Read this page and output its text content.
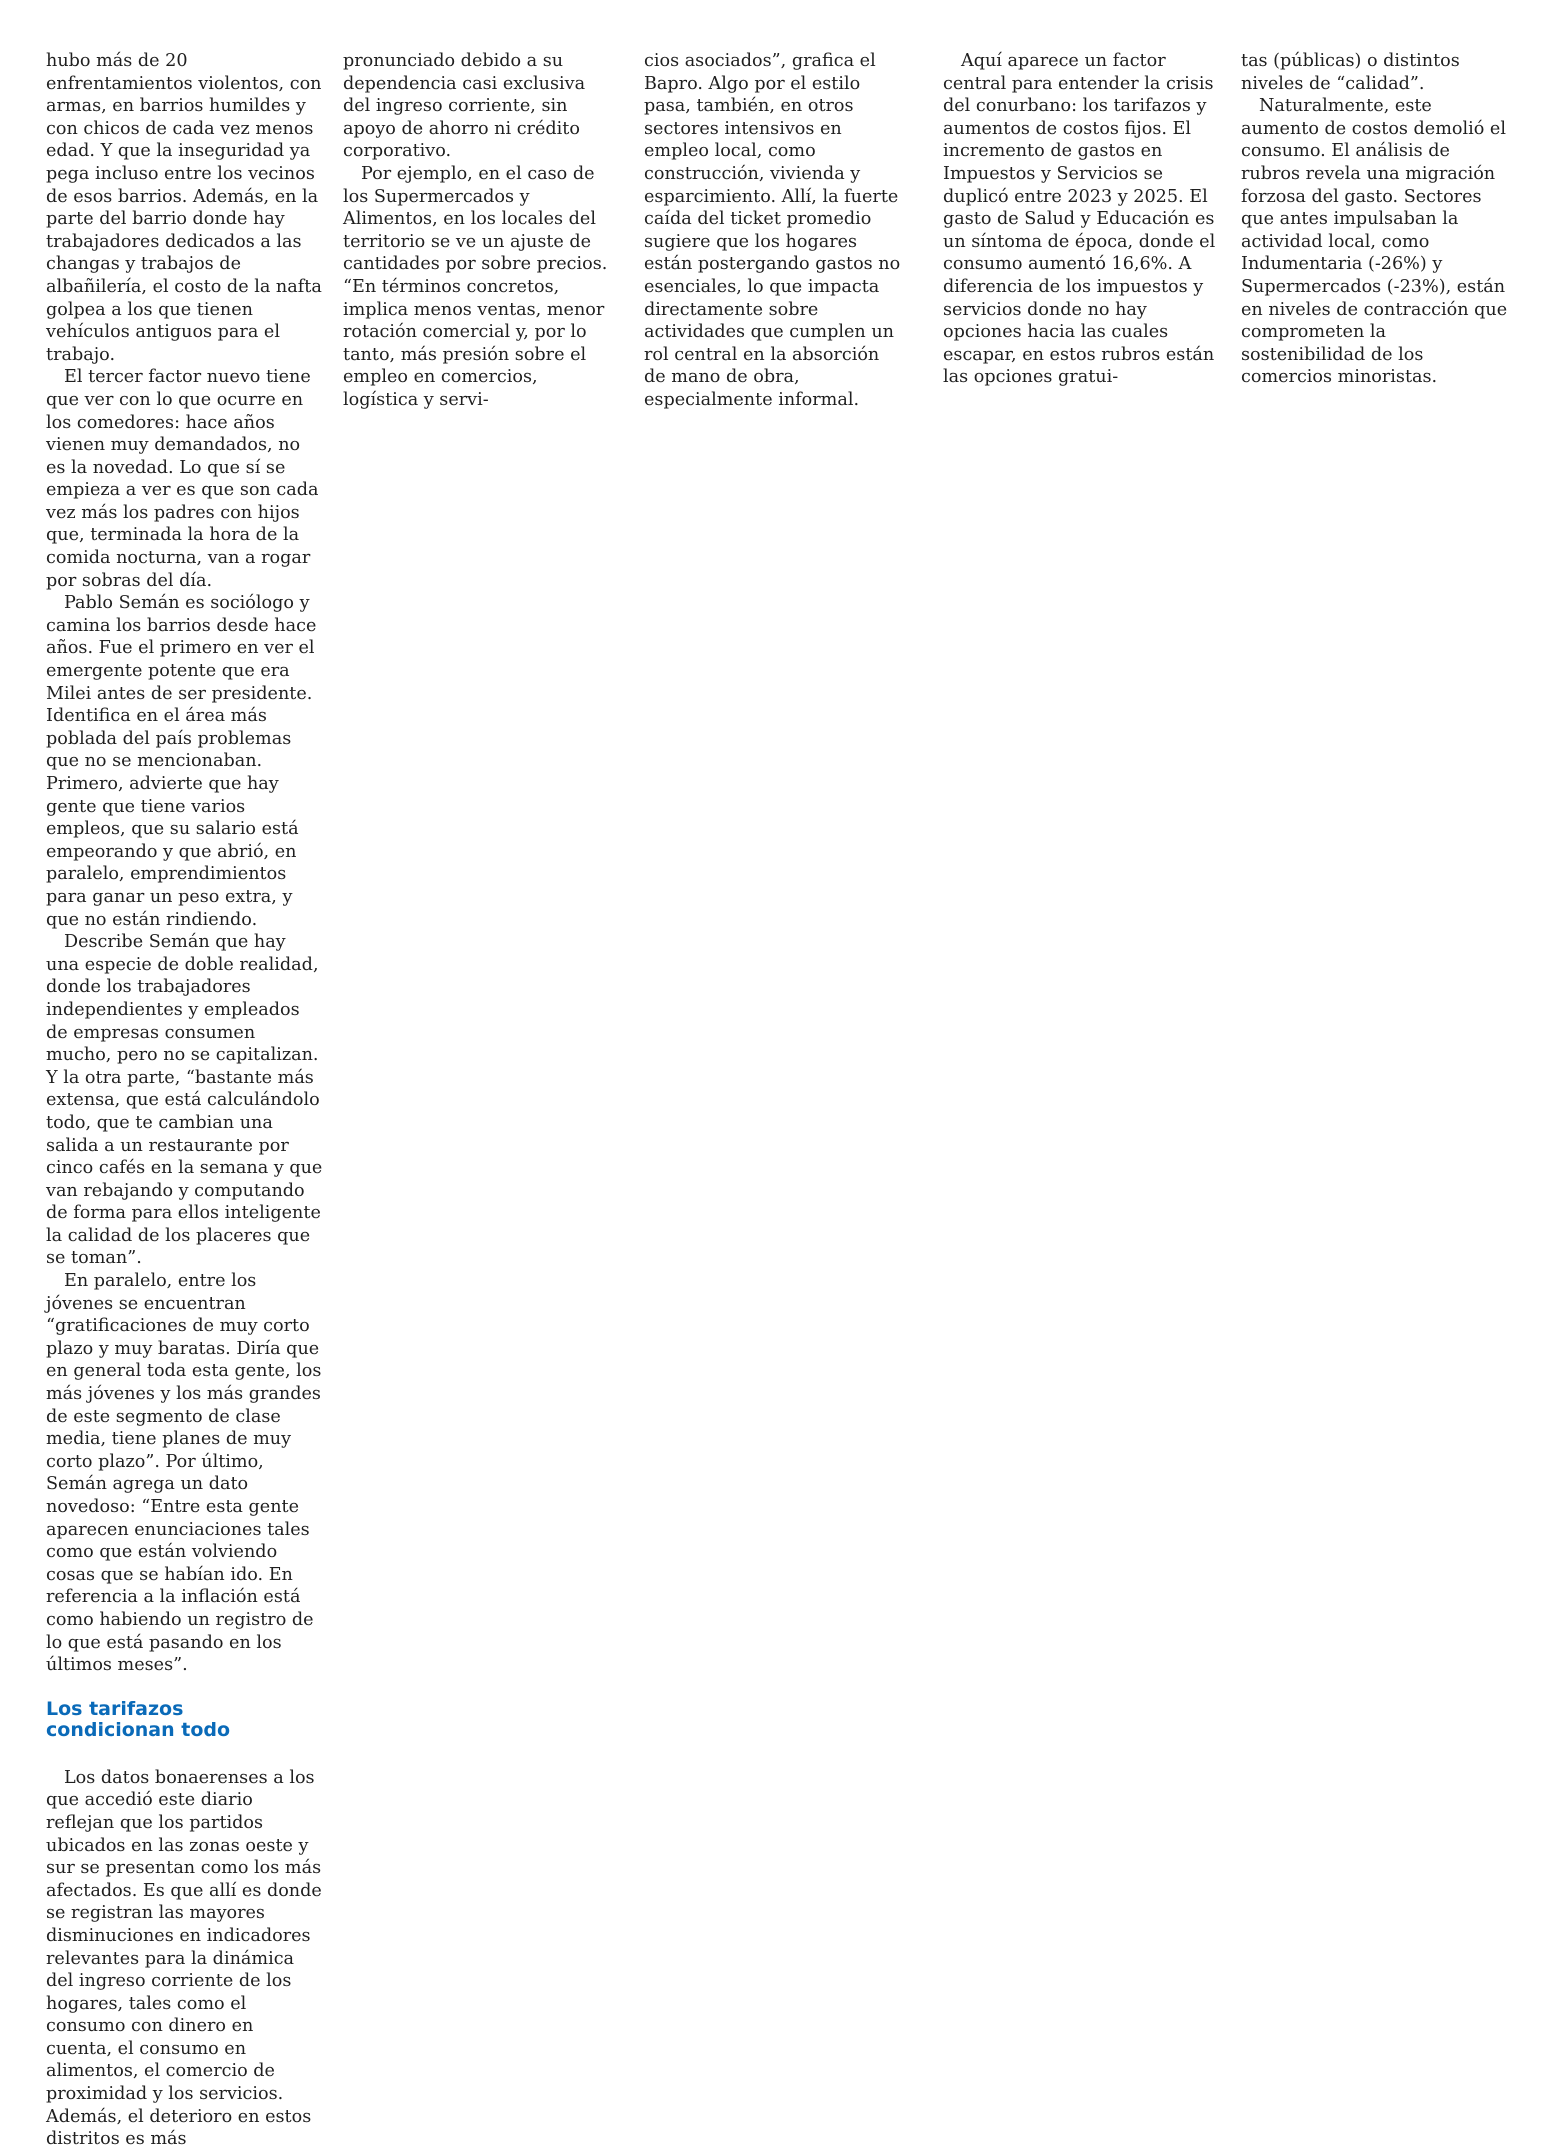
hubo más de 20 enfrentamientos violentos, con armas, en barrios humildes y con chicos de cada vez menos edad. Y que la inseguridad ya pega incluso entre los vecinos de esos barrios. Además, en la parte del barrio donde hay trabajadores dedicados a las changas y trabajos de albañilería, el costo de la nafta golpea a los que tienen vehículos antiguos para el trabajo.

El tercer factor nuevo tiene que ver con lo que ocurre en los comedores: hace años vienen muy demandados, no es la novedad. Lo que sí se empieza a ver es que son cada vez más los padres con hijos que, terminada la hora de la comida nocturna, van a rogar por sobras del día.

Pablo Semán es sociólogo y camina los barrios desde hace años. Fue el primero en ver el emergente potente que era Milei antes de ser presidente. Identifica en el área más poblada del país problemas que no se mencionaban. Primero, advierte que hay gente que tiene varios empleos, que su salario está empeorando y que abrió, en paralelo, emprendimientos para ganar un peso extra, y que no están rindiendo.

Describe Semán que hay una especie de doble realidad, donde los trabajadores independientes y empleados de empresas consumen mucho, pero no se capitalizan. Y la otra parte, “bastante más extensa, que está calculándolo todo, que te cambian una salida a un restaurante por cinco cafés en la semana y que van rebajando y computando de forma para ellos inteligente la calidad de los placeres que se toman”.

En paralelo, entre los jóvenes se encuentran “gratificaciones de muy corto plazo y muy baratas. Diría que en general toda esta gente, los más jóvenes y los más grandes de este segmento de clase media, tiene planes de muy corto plazo”. Por último, Semán agrega un dato novedoso: “Entre esta gente aparecen enunciaciones tales como que están volviendo cosas que se habían ido. En referencia a la inflación está como habiendo un registro de lo que está pasando en los últimos meses”.

Los tarifazos
condicionan todo

Los datos bonaerenses a los que accedió este diario reflejan que los partidos ubicados en las zonas oeste y sur se presentan como los más afectados. Es que allí es donde se registran las mayores disminuciones en indicadores relevantes para la dinámica del ingreso corriente de los hogares, tales como el consumo con dinero en cuenta, el consumo en alimentos, el comercio de proximidad y los servicios. Además, el deterioro en estos distritos es más

pronunciado debido a su dependencia casi exclusiva del ingreso corriente, sin apoyo de ahorro ni crédito corporativo.

Por ejemplo, en el caso de los Supermercados y Alimentos, en los locales del territorio se ve un ajuste de cantidades por sobre precios. “En términos concretos, implica menos ventas, menor rotación comercial y, por lo tanto, más presión sobre el empleo en comercios, logística y servi-

cios asociados”, grafica el Bapro. Algo por el estilo pasa, también, en otros sectores intensivos en empleo local, como construcción, vivienda y esparcimiento. Allí, la fuerte caída del ticket promedio sugiere que los hogares están postergando gastos no esenciales, lo que impacta directamente sobre actividades que cumplen un rol central en la absorción de mano de obra, especialmente informal.

Aquí aparece un factor central para entender la crisis del conurbano: los tarifazos y aumentos de costos fijos. El incremento de gastos en Impuestos y Servicios se duplicó entre 2023 y 2025. El gasto de Salud y Educación es un síntoma de época, donde el consumo aumentó 16,6%. A diferencia de los impuestos y servicios donde no hay opciones hacia las cuales escapar, en estos rubros están las opciones gratui-

tas (públicas) o distintos niveles de “calidad”.

Naturalmente, este aumento de costos demolió el consumo. El análisis de rubros revela una migración forzosa del gasto. Sectores que antes impulsaban la actividad local, como Indumentaria (-26%) y Supermercados (-23%), están en niveles de contracción que comprometen la sostenibilidad de los comercios minoristas.
